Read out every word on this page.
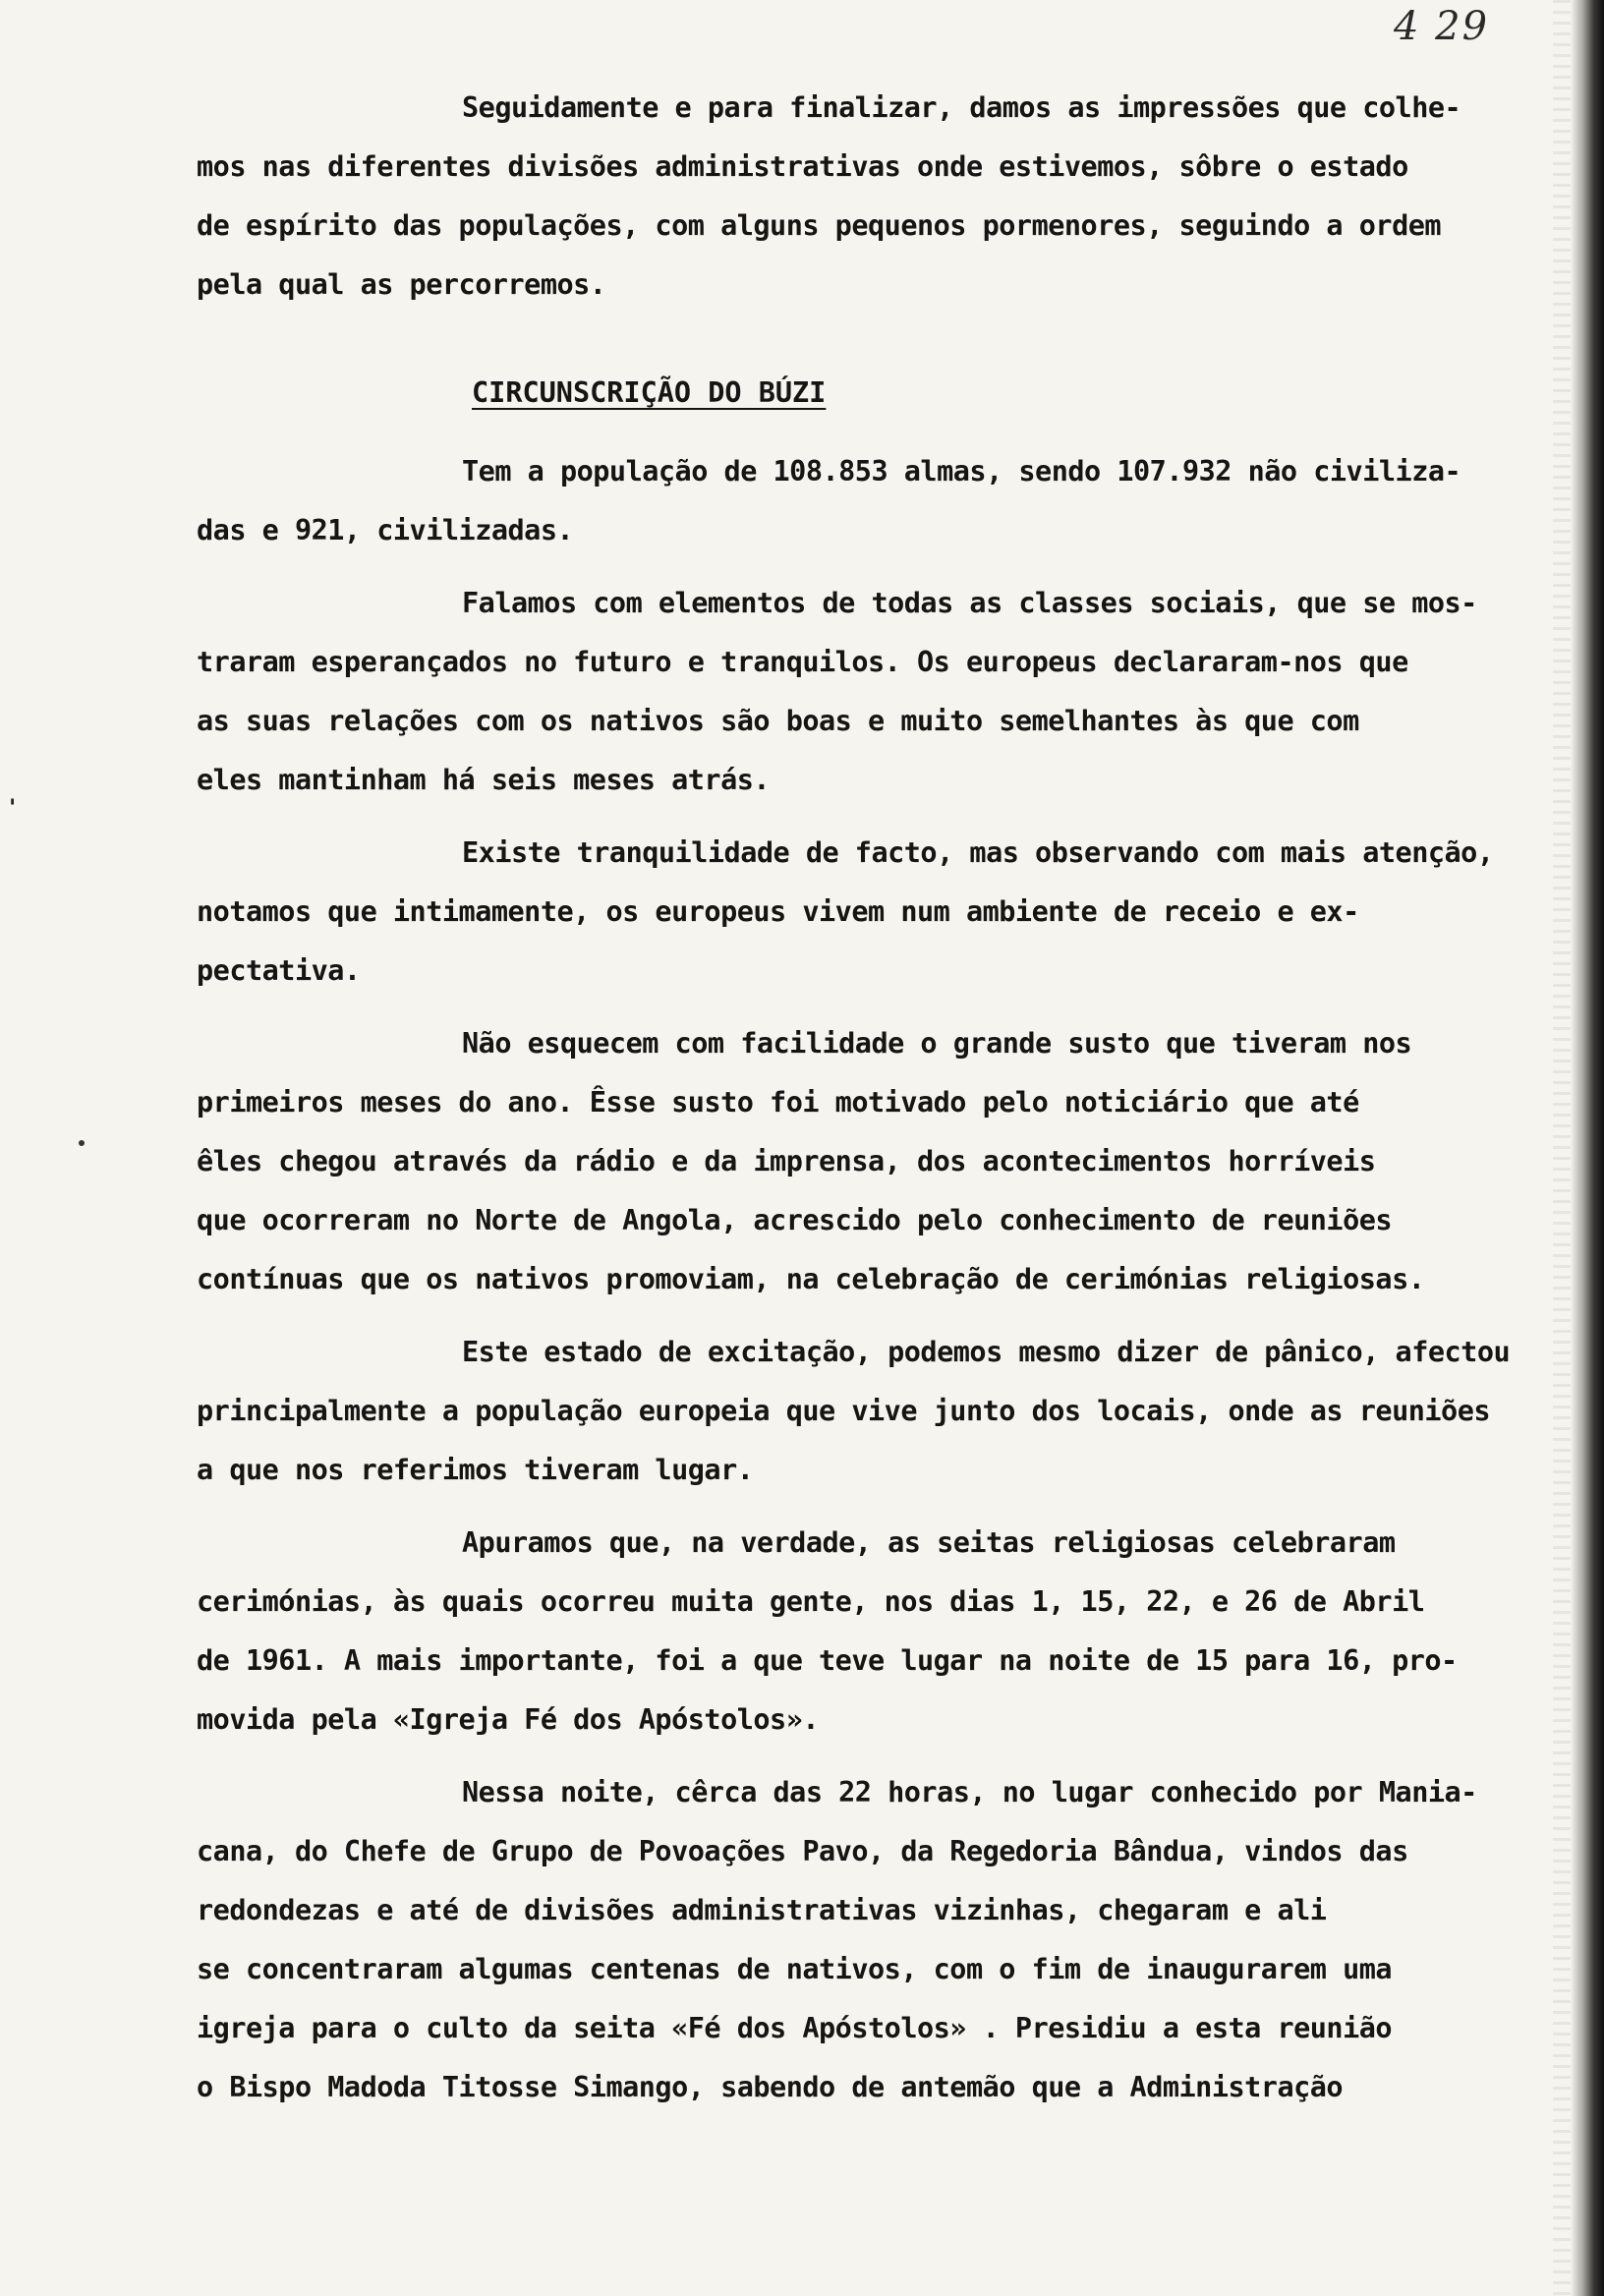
4 29
'
Seguidamente e para finalizar, damos as impressões que colhe-
mos nas diferentes divisões administrativas onde estivemos, sôbre o estado
de espírito das populações, com alguns pequenos pormenores, seguindo a ordem
pela qual as percorremos.
CIRCUNSCRIÇÃO DO BÚZI
Tem a população de 108.853 almas, sendo 107.932 não civiliza-
das e 921, civilizadas.
Falamos com elementos de todas as classes sociais, que se mos-
traram esperançados no futuro e tranquilos. Os europeus declararam-nos que
as suas relações com os nativos são boas e muito semelhantes às que com
eles mantinham há seis meses atrás.
Existe tranquilidade de facto, mas observando com mais atenção,
notamos que intimamente, os europeus vivem num ambiente de receio e ex-
pectativa.
Não esquecem com facilidade o grande susto que tiveram nos
primeiros meses do ano. Êsse susto foi motivado pelo noticiário que até
êles chegou através da rádio e da imprensa, dos acontecimentos horríveis
que ocorreram no Norte de Angola, acrescido pelo conhecimento de reuniões
contínuas que os nativos promoviam, na celebração de cerimónias religiosas.
Este estado de excitação, podemos mesmo dizer de pânico, afectou
principalmente a população europeia que vive junto dos locais, onde as reuniões
a que nos referimos tiveram lugar.
Apuramos que, na verdade, as seitas religiosas celebraram
cerimónias, às quais ocorreu muita gente, nos dias 1, 15, 22, e 26 de Abril
de 1961. A mais importante, foi a que teve lugar na noite de 15 para 16, pro-
movida pela «Igreja Fé dos Apóstolos».
Nessa noite, cêrca das 22 horas, no lugar conhecido por Mania-
cana, do Chefe de Grupo de Povoações Pavo, da Regedoria Bândua, vindos das
redondezas e até de divisões administrativas vizinhas, chegaram e ali
se concentraram algumas centenas de nativos, com o fim de inaugurarem uma
igreja para o culto da seita «Fé dos Apóstolos» . Presidiu a esta reunião
o Bispo Madoda Titosse Simango, sabendo de antemão que a Administração
